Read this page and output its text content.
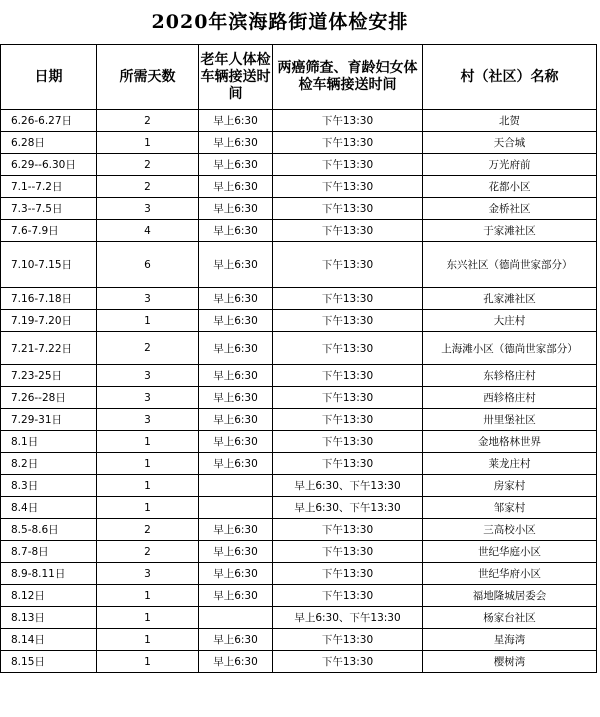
2020年滨海路街道体检安排
日期	所需天数	老年人体检车辆接送时间	两癌筛查、育龄妇女体检车辆接送时间	村（社区）名称
6.26-6.27日	2	早上6:30	下午13:30	北贺
6.28日	1	早上6:30	下午13:30	天合城
6.29--6.30日	2	早上6:30	下午13:30	万光府前
7.1--7.2日	2	早上6:30	下午13:30	花都小区
7.3--7.5日	3	早上6:30	下午13:30	金桥社区
7.6-7.9日	4	早上6:30	下午13:30	于家滩社区
7.10-7.15日	6	早上6:30	下午13:30	东兴社区（德尚世家部分）
7.16-7.18日	3	早上6:30	下午13:30	孔家滩社区
7.19-7.20日	1	早上6:30	下午13:30	大庄村
7.21-7.22日	2	早上6:30	下午13:30	上海滩小区（德尚世家部分）
7.23-25日	3	早上6:30	下午13:30	东轸格庄村
7.26--28日	3	早上6:30	下午13:30	西轸格庄村
7.29-31日	3	早上6:30	下午13:30	卅里堡社区
8.1日	1	早上6:30	下午13:30	金地格林世界
8.2日	1	早上6:30	下午13:30	莱龙庄村
8.3日	1		早上6:30、下午13:30	房家村
8.4日	1		早上6:30、下午13:30	邹家村
8.5-8.6日	2	早上6:30	下午13:30	三高校小区
8.7-8日	2	早上6:30	下午13:30	世纪华庭小区
8.9-8.11日	3	早上6:30	下午13:30	世纪华府小区
8.12日	1	早上6:30	下午13:30	福地隆城居委会
8.13日	1		早上6:30、下午13:30	杨家台社区
8.14日	1	早上6:30	下午13:30	星海湾
8.15日	1	早上6:30	下午13:30	樱树湾
